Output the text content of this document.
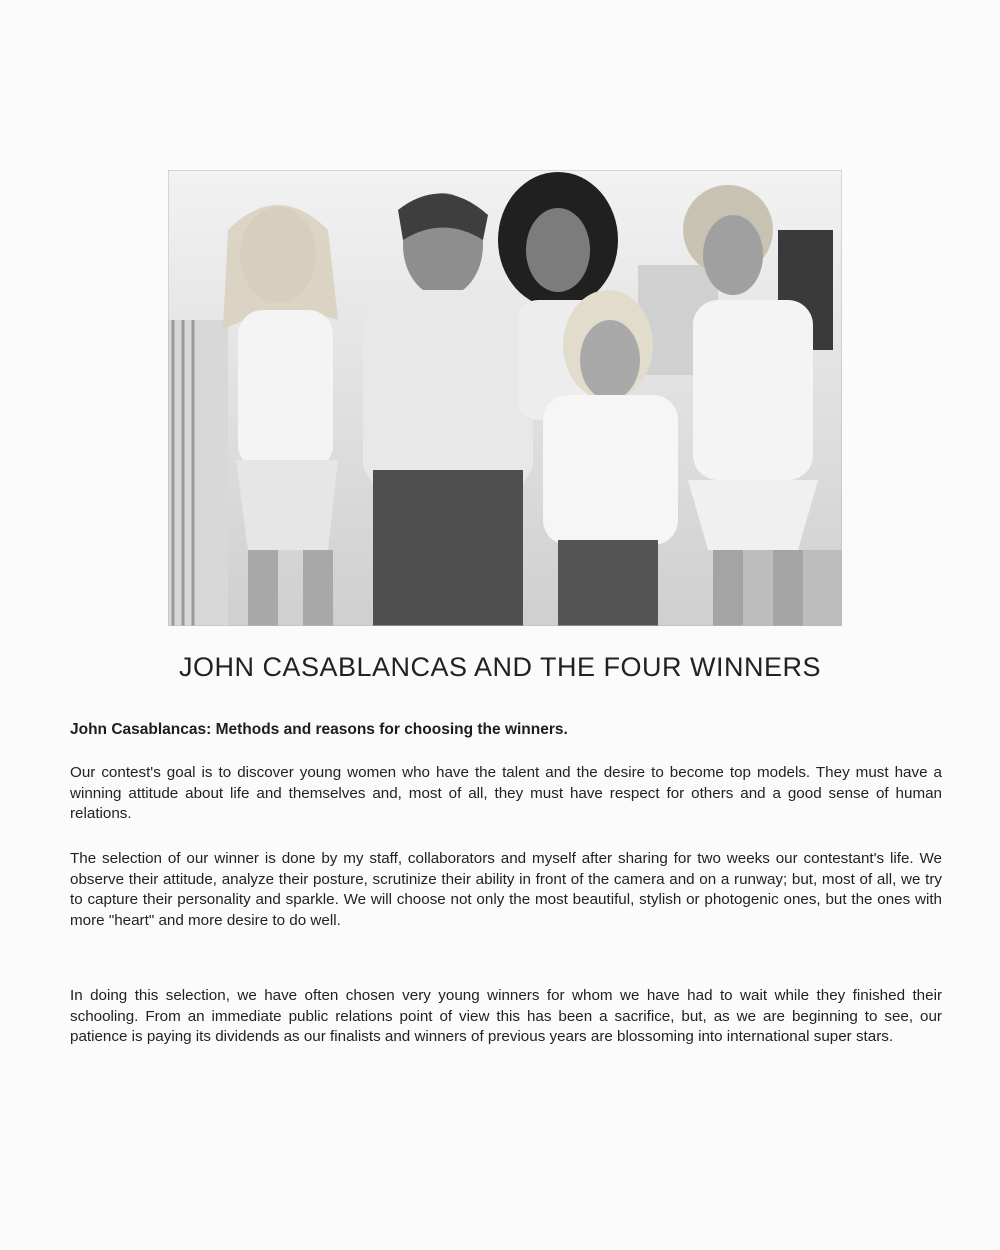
JOHN CASABLANCAS AND THE FOUR WINNERS

John Casablancas: Methods and reasons for choosing the winners.

Our contest's goal is to discover young women who have the talent and the desire to become top models. They must have a winning attitude about life and themselves and, most of all, they must have respect for others and a good sense of human relations.

The selection of our winner is done by my staff, collaborators and myself after sharing for two weeks our contestant's life. We observe their attitude, analyze their posture, scrutinize their ability in front of the camera and on a runway; but, most of all, we try to capture their personality and sparkle. We will choose not only the most beautiful, stylish or photogenic ones, but the ones with more "heart" and more desire to do well.

In doing this selection, we have often chosen very young winners for whom we have had to wait while they finished their schooling. From an immediate public relations point of view this has been a sacrifice, but, as we are beginning to see, our patience is paying its dividends as our finalists and winners of previous years are blossoming into international super stars.
